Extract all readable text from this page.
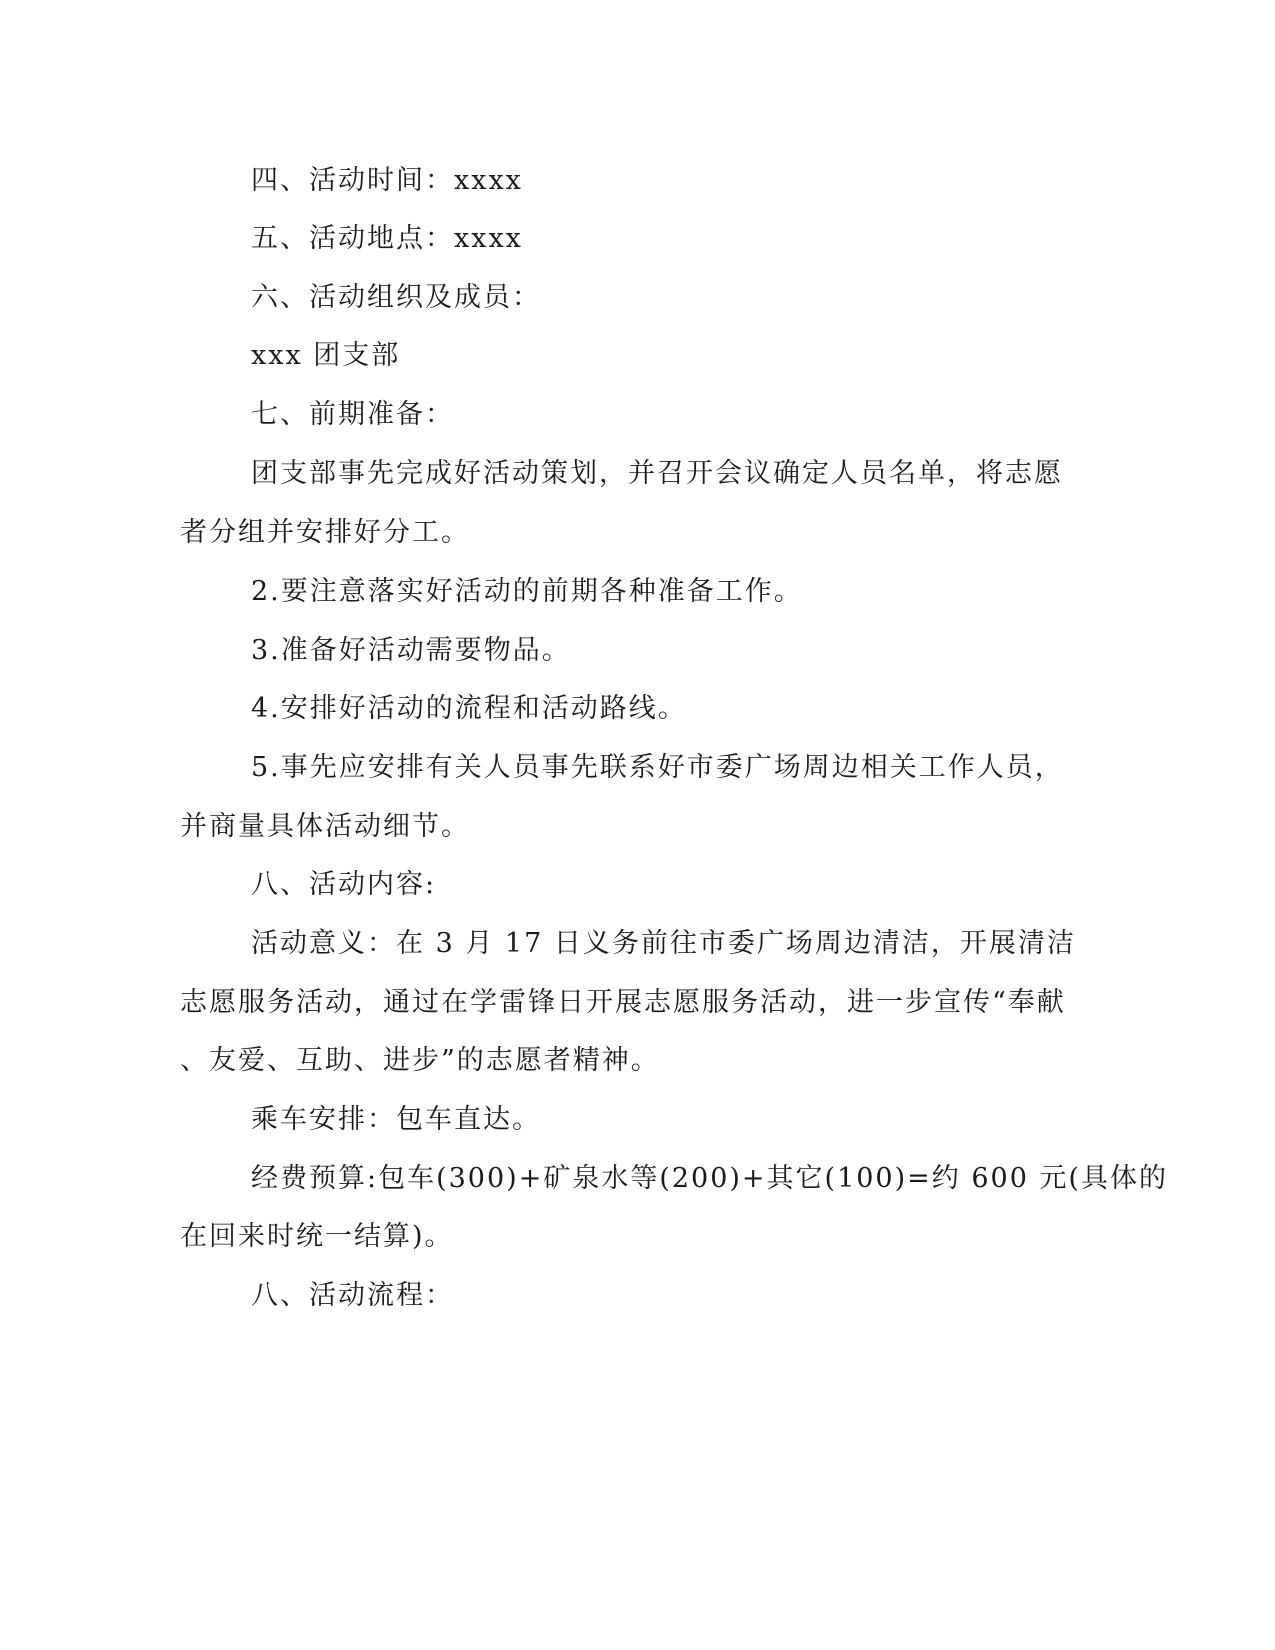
四、活动时间：xxxx
五、活动地点：xxxx
六、活动组织及成员：
xxx 团支部
七、前期准备：
团支部事先完成好活动策划，并召开会议确定人员名单，将志愿
者分组并安排好分工。
2.要注意落实好活动的前期各种准备工作。
3.准备好活动需要物品。
4.安排好活动的流程和活动路线。
5.事先应安排有关人员事先联系好市委广场周边相关工作人员，
并商量具体活动细节。
八、活动内容:
活动意义：在 3 月 17 日义务前往市委广场周边清洁，开展清洁
志愿服务活动，通过在学雷锋日开展志愿服务活动，进一步宣传“奉献
、友爱、互助、进步”的志愿者精神。
乘车安排：包车直达。
经费预算:包车(300)+矿泉水等(200)+其它(100)=约 600 元(具体的
在回来时统一结算)。
八、活动流程：
